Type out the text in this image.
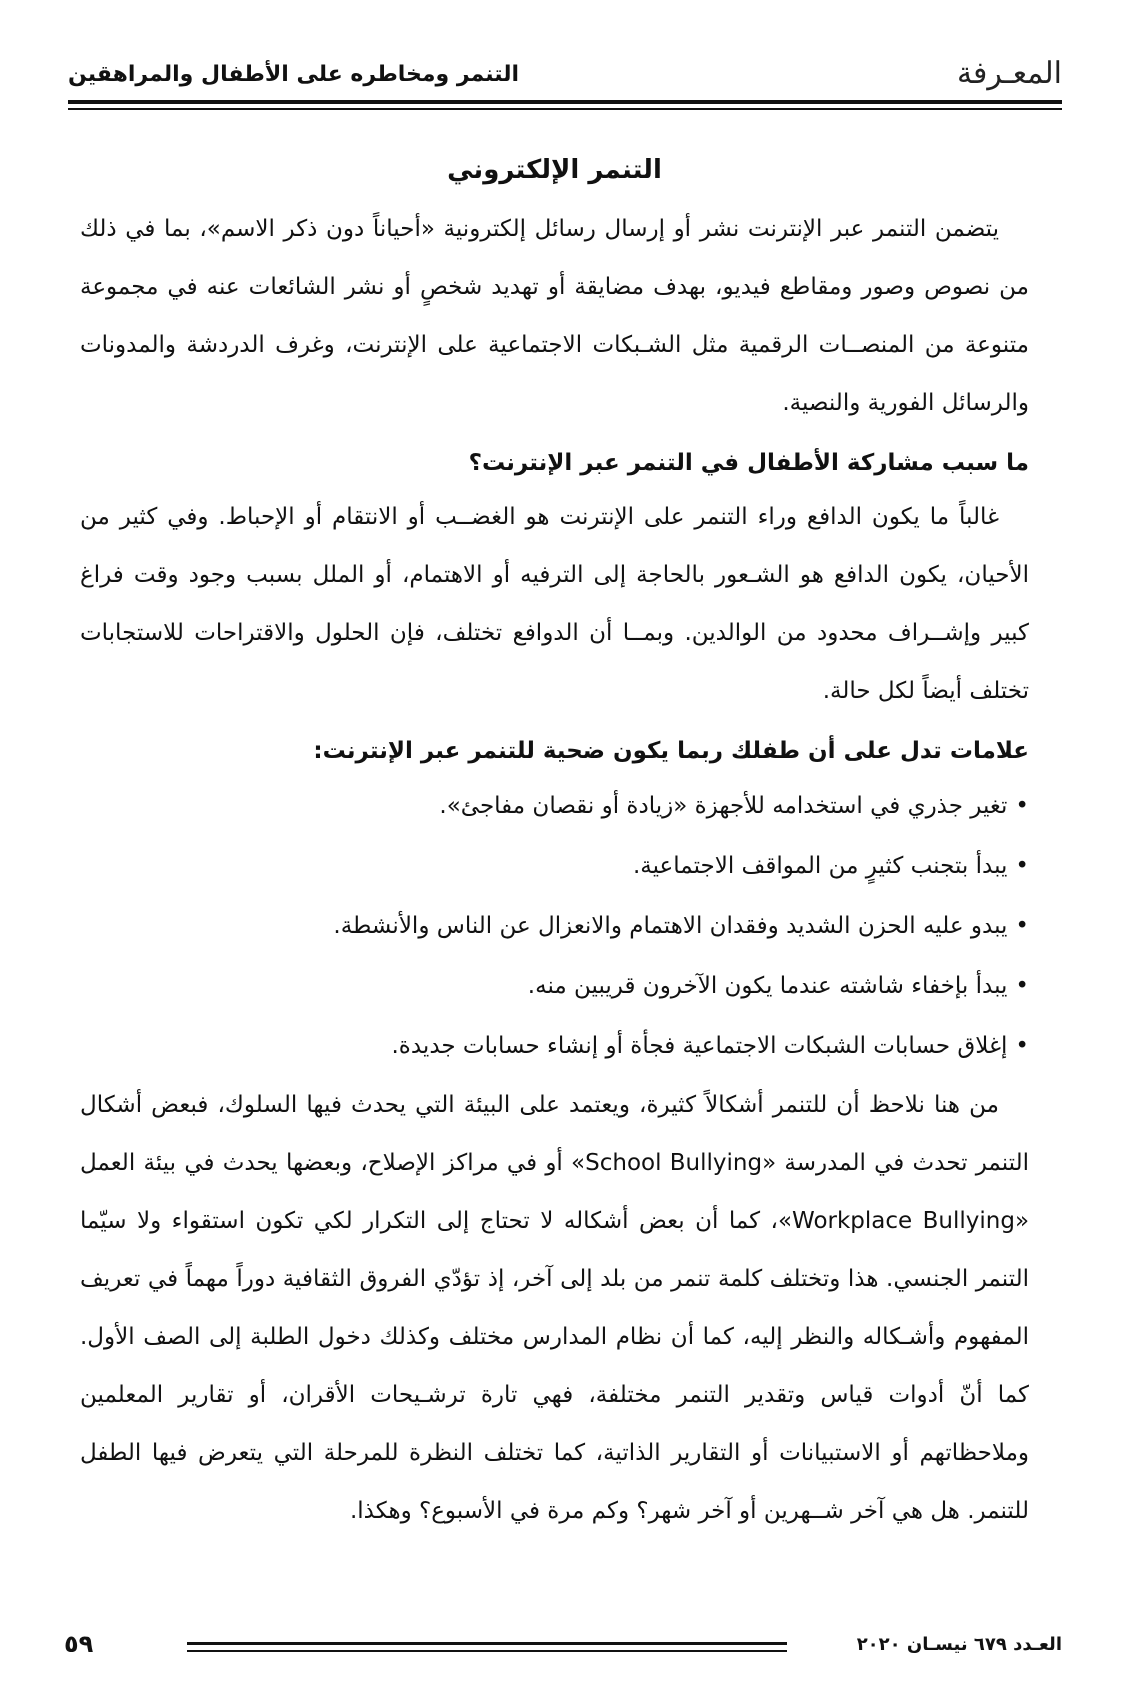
المعـرفة
التنمر ومخاطره على الأطفال والمراهقين
التنمر الإلكتروني

يتضمن التنمر عبر الإنترنت نشر أو إرسال رسائل إلكترونية «أحياناً دون ذكر الاسم»، بما في ذلك من نصوص وصور ومقاطع فيديو، بهدف مضايقة أو تهديد شخصٍ أو نشر الشائعات عنه في مجموعة متنوعة من المنصــات الرقمية مثل الشـبكات الاجتماعية على الإنترنت، وغرف الدردشة والمدونات والرسائل الفورية والنصية.

ما سبب مشاركة الأطفال في التنمر عبر الإنترنت؟

غالباً ما يكون الدافع وراء التنمر على الإنترنت هو الغضــب أو الانتقام أو الإحباط. وفي كثير من الأحيان، يكون الدافع هو الشـعور بالحاجة إلى الترفيه أو الاهتمام، أو الملل بسبب وجود وقت فراغ كبير وإشــراف محدود من الوالدين. وبمــا أن الدوافع تختلف، فإن الحلول والاقتراحات للاستجابات تختلف أيضاً لكل حالة.

علامات تدل على أن طفلك ربما يكون ضحية للتنمر عبر الإنترنت:
•تغير جذري في استخدامه للأجهزة «زيادة أو نقصان مفاجئ».
•يبدأ بتجنب كثيرٍ من المواقف الاجتماعية.
•يبدو عليه الحزن الشديد وفقدان الاهتمام والانعزال عن الناس والأنشطة.
•يبدأ بإخفاء شاشته عندما يكون الآخرون قريبين منه.
•إغلاق حسابات الشبكات الاجتماعية فجأة أو إنشاء حسابات جديدة.

من هنا نلاحظ أن للتنمر أشكالاً كثيرة، ويعتمد على البيئة التي يحدث فيها السلوك، فبعض أشكال التنمر تحدث في المدرسة «School Bullying» أو في مراكز الإصلاح، وبعضها يحدث في بيئة العمل «Workplace Bullying»، كما أن بعض أشكاله لا تحتاج إلى التكرار لكي تكون استقواء ولا سيّما التنمر الجنسي. هذا وتختلف كلمة تنمر من بلد إلى آخر، إذ تؤدّي الفروق الثقافية دوراً مهماً في تعريف المفهوم وأشـكاله والنظر إليه، كما أن نظام المدارس مختلف وكذلك دخول الطلبة إلى الصف الأول. كما أنّ أدوات قياس وتقدير التنمر مختلفة، فهي تارة ترشـيحات الأقران، أو تقارير المعلمين وملاحظاتهم أو الاستبيانات أو التقارير الذاتية، كما تختلف النظرة للمرحلة التي يتعرض فيها الطفل للتنمر. هل هي آخر شــهرين أو آخر شهر؟ وكم مرة في الأسبوع؟ وهكذا.

٥٩	العـدد ٦٧٩ نيسـان ٢٠٢٠
